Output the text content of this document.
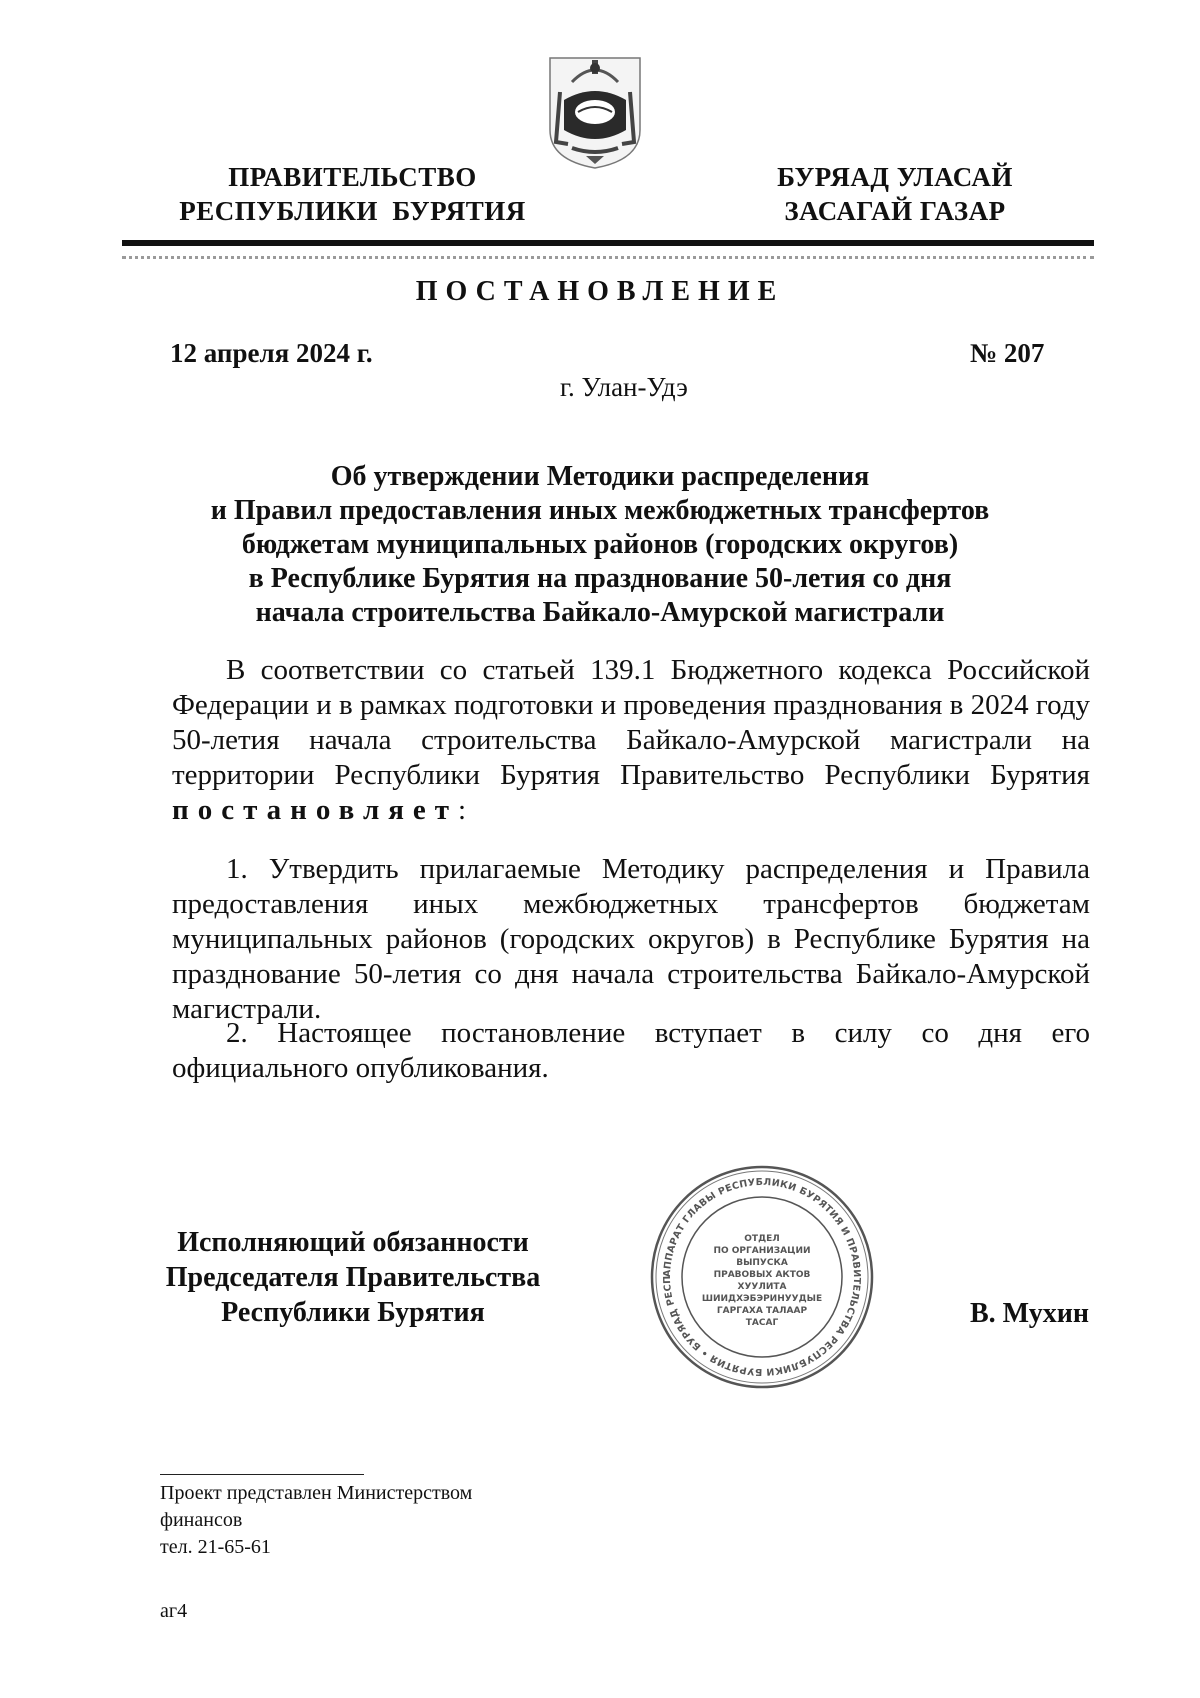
ПРАВИТЕЛЬСТВО
РЕСПУБЛИКИ  БУРЯТИЯ
БУРЯАД УЛАСАЙ
ЗАСАГАЙ ГАЗАР
ПОСТАНОВЛЕНИЕ
12 апреля 2024 г.	№ 207
г. Улан-Удэ
Об утверждении Методики распределения
и Правил предоставления иных межбюджетных трансфертов
бюджетам муниципальных районов (городских округов)
в Республике Бурятия на празднование 50-летия со дня
начала строительства Байкало-Амурской магистрали
В соответствии со статьей 139.1 Бюджетного кодекса Российской Федерации и в рамках подготовки и проведения празднования в 2024 году 50-летия начала строительства Байкало-Амурской магистрали на территории Республики Бурятия Правительство Республики Бурятия постановляет:
1. Утвердить прилагаемые Методику распределения и Правила предоставления иных межбюджетных трансфертов бюджетам муниципальных районов (городских округов) в Республике Бурятия на празднование 50-летия со дня начала строительства Байкало-Амурской магистрали.
2. Настоящее постановление вступает в силу со дня его официального опубликования.
Исполняющий обязанности
Председателя Правительства
Республики Бурятия	В. Мухин
АППАРАТ ГЛАВЫ РЕСПУБЛИКИ БУРЯТИЯ И ПРАВИТЕЛЬСТВА РЕСПУБЛИКИ БУРЯТИЯ • БУРЯАД РЕСП
ОТДЕЛ
ПО ОРГАНИЗАЦИИ
ВЫПУСКА
ПРАВОВЫХ АКТОВ
ХУУЛИТА
ШИИДХЭБЭРИНУУДЫЕ
ГАРГАХА ТАЛААР
ТАСАГ
Проект представлен Министерством
финансов
тел. 21-65-61
аг4
